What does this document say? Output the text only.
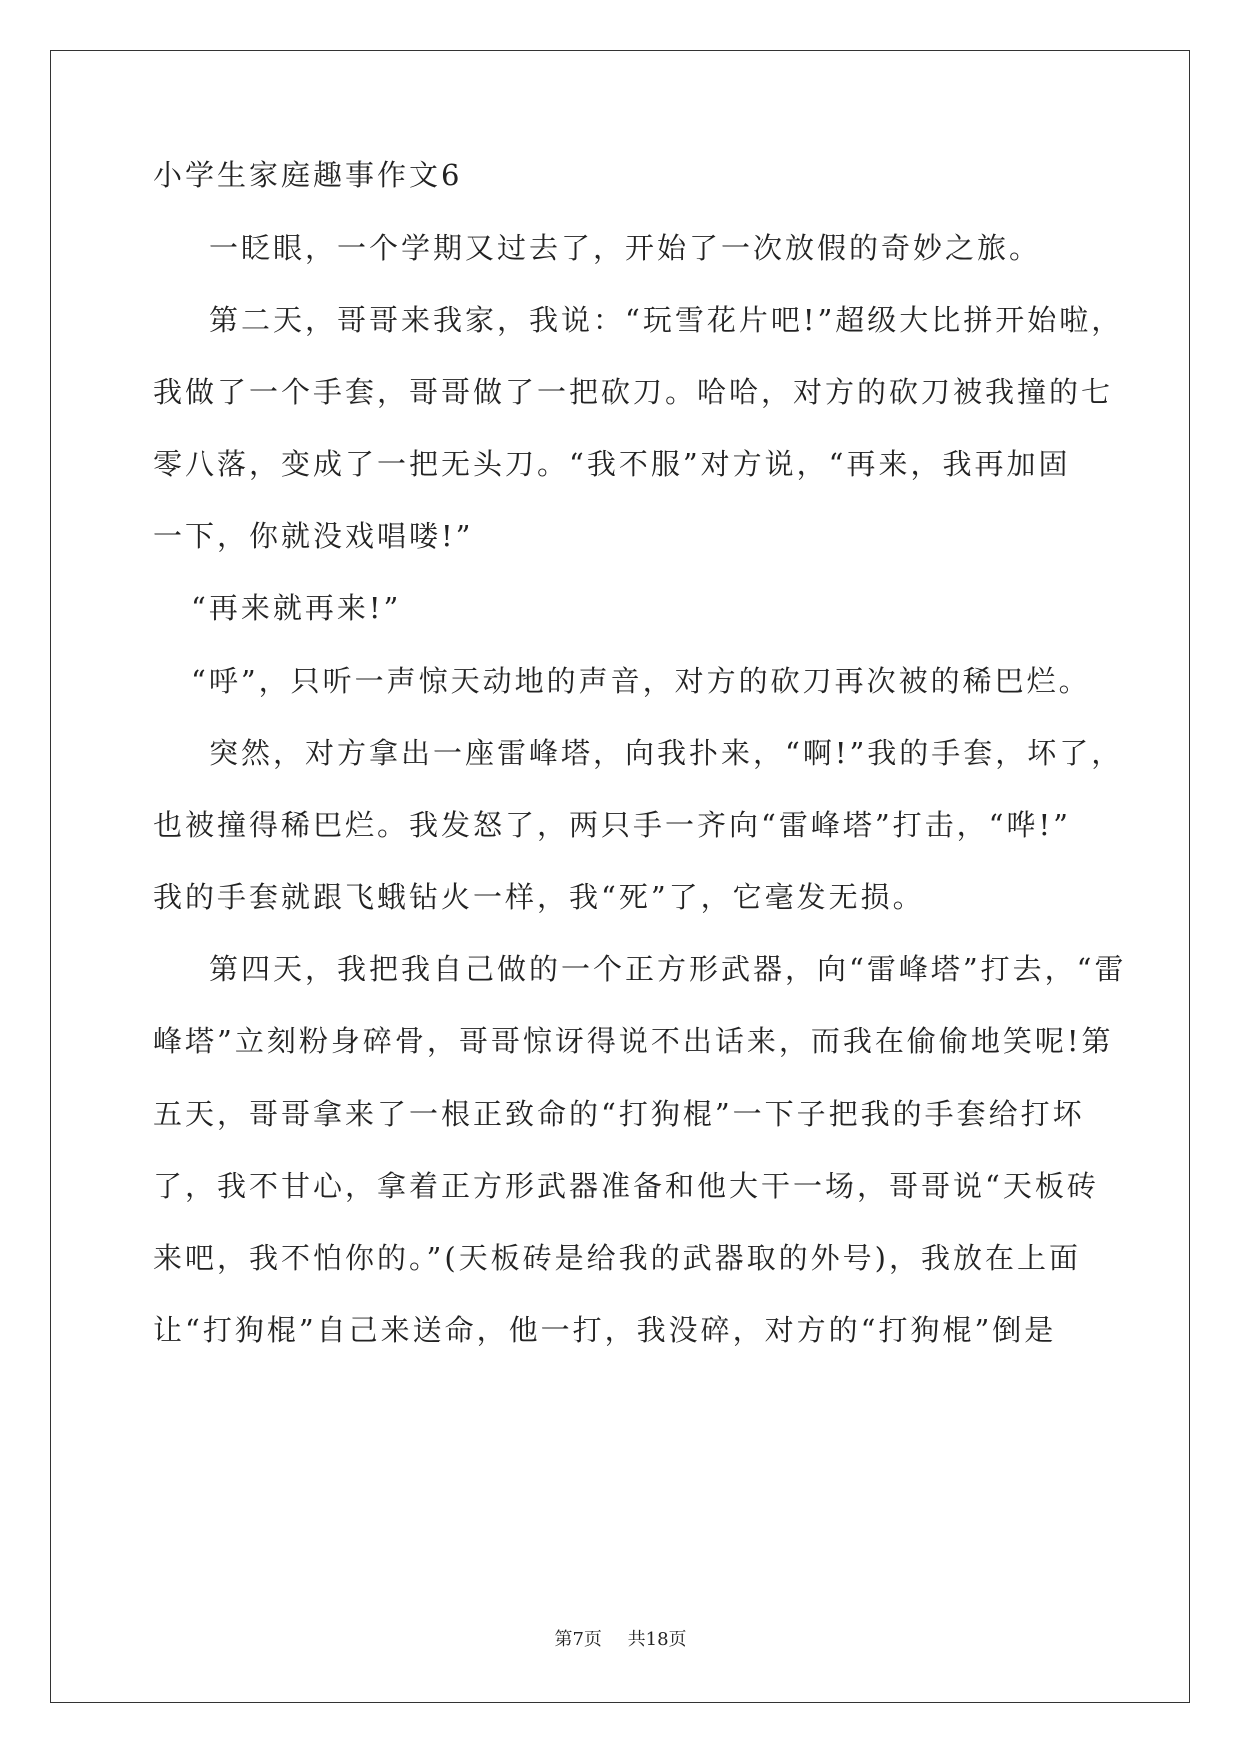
小学生家庭趣事作文6
一眨眼，一个学期又过去了，开始了一次放假的奇妙之旅。
第二天，哥哥来我家，我说：“玩雪花片吧!”超级大比拼开始啦，
我做了一个手套，哥哥做了一把砍刀。哈哈，对方的砍刀被我撞的七
零八落，变成了一把无头刀。“我不服”对方说，“再来，我再加固
一下，你就没戏唱喽!”
“再来就再来!”
“呼”，只听一声惊天动地的声音，对方的砍刀再次被的稀巴烂。
突然，对方拿出一座雷峰塔，向我扑来，“啊!”我的手套，坏了，
也被撞得稀巴烂。我发怒了，两只手一齐向“雷峰塔”打击，“哗!”
我的手套就跟飞蛾钻火一样，我“死”了，它毫发无损。
第四天，我把我自己做的一个正方形武器，向“雷峰塔”打去，“雷
峰塔”立刻粉身碎骨，哥哥惊讶得说不出话来，而我在偷偷地笑呢!第
五天，哥哥拿来了一根正致命的“打狗棍”一下子把我的手套给打坏
了，我不甘心，拿着正方形武器准备和他大干一场，哥哥说“天板砖
来吧，我不怕你的。”(天板砖是给我的武器取的外号)，我放在上面
让“打狗棍”自己来送命，他一打，我没碎，对方的“打狗棍”倒是
第7页 共18页
